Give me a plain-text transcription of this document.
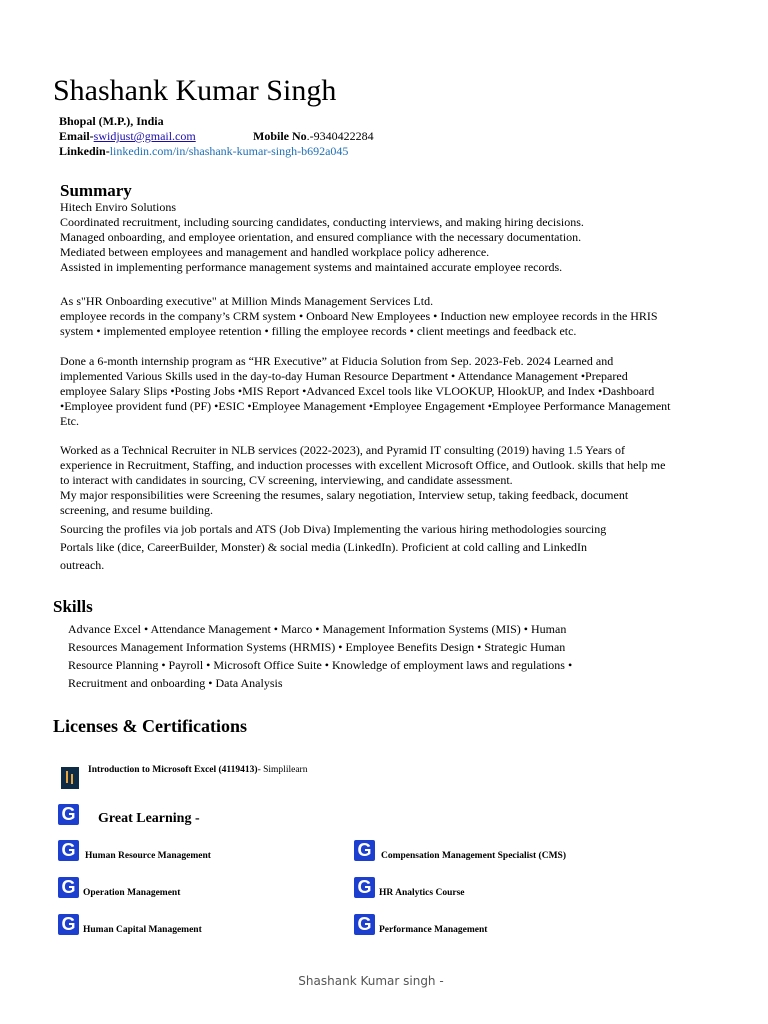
Shashank Kumar Singh
Bhopal (M.P.), India
Email-swidjust@gmail.com	Mobile No.-9340422284
Linkedin-linkedin.com/in/shashank-kumar-singh-b692a045
Summary
Hitech Enviro Solutions
Coordinated recruitment, including sourcing candidates, conducting interviews, and making hiring decisions.
Managed onboarding, and employee orientation, and ensured compliance with the necessary documentation.
Mediated between employees and management and handled workplace policy adherence.
Assisted in implementing performance management systems and maintained accurate employee records.
As s"HR Onboarding executive" at Million Minds Management Services Ltd.
employee records in the company’s CRM system • Onboard New Employees • Induction new employee records in the HRIS
system • implemented employee retention • filling the employee records • client meetings and feedback etc.
Done a 6-month internship program as “HR Executive” at Fiducia Solution from Sep. 2023-Feb. 2024 Learned and
implemented Various Skills used in the day-to-day Human Resource Department • Attendance Management •Prepared
employee Salary Slips •Posting Jobs •MIS Report •Advanced Excel tools like VLOOKUP, HlookUP, and Index •Dashboard
•Employee provident fund (PF) •ESIC •Employee Management •Employee Engagement •Employee Performance Management
Etc.
Worked as a Technical Recruiter in NLB services (2022-2023), and Pyramid IT consulting (2019) having 1.5 Years of
experience in Recruitment, Staffing, and induction processes with excellent Microsoft Office, and Outlook. skills that help me
to interact with candidates in sourcing, CV screening, interviewing, and candidate assessment.
My major responsibilities were Screening the resumes, salary negotiation, Interview setup, taking feedback, document
screening, and resume building.
Sourcing the profiles via job portals and ATS (Job Diva) Implementing the various hiring methodologies sourcing
Portals like (dice, CareerBuilder, Monster) & social media (LinkedIn). Proficient at cold calling and LinkedIn
outreach.
Skills
Advance Excel • Attendance Management • Marco • Management Information Systems (MIS) • Human
Resources Management Information Systems (HRMIS) • Employee Benefits Design • Strategic Human
Resource Planning • Payroll • Microsoft Office Suite • Knowledge of employment laws and regulations •
Recruitment and onboarding • Data Analysis
Licenses & Certifications
Introduction to Microsoft Excel (4119413)- Simplilearn
G Great Learning -
G	Human Resource Management	G	Compensation Management Specialist (CMS)
G Operation Management	G HR Analytics Course
G Human Capital Management	G Performance Management
Shashank Kumar singh -
